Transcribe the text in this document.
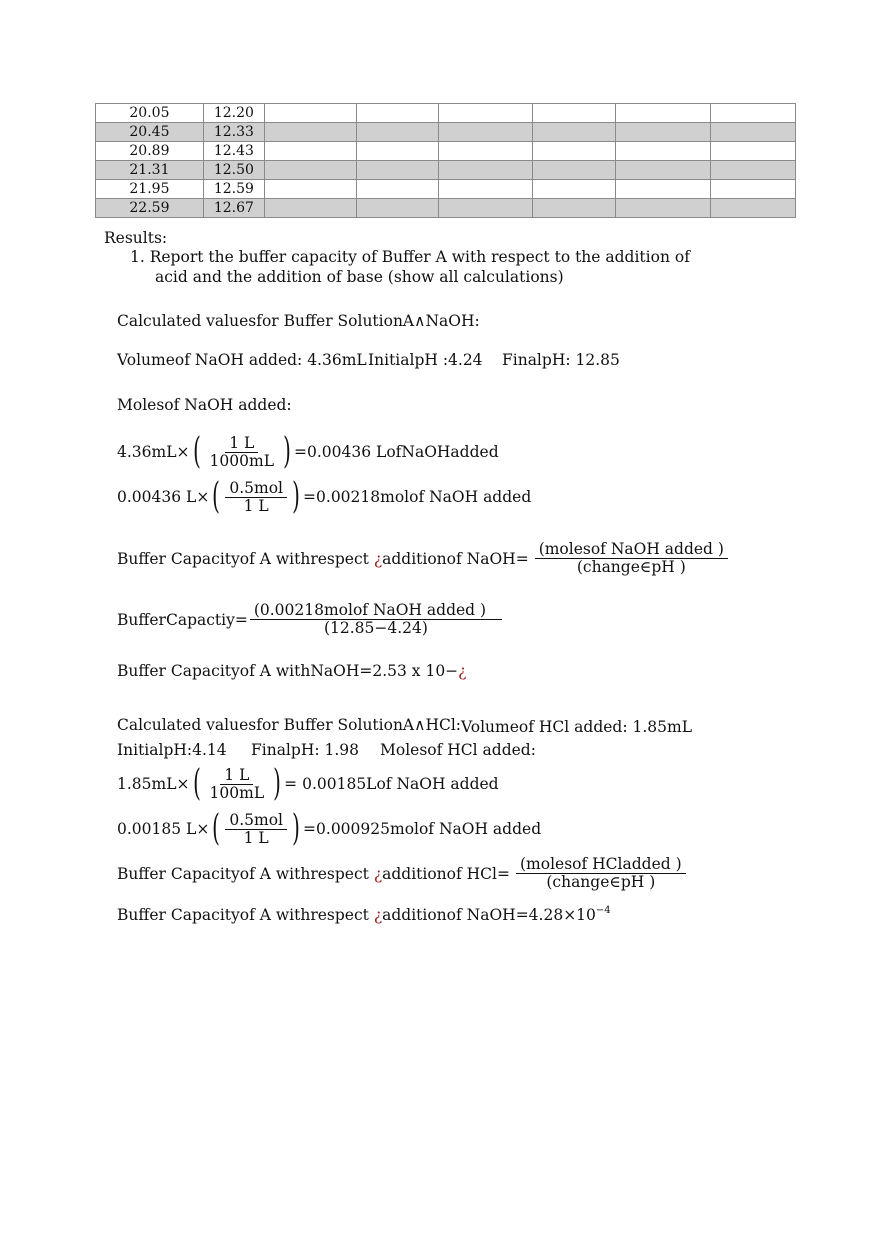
20.05	12.20						
20.45	12.33						
20.89	12.43						
21.31	12.50						
21.95	12.59						
22.59	12.67						
Results:
1. Report the buffer capacity of Buffer A with respect to the addition of
acid and the addition of base (show all calculations)
Calculated valuesfor Buffer SolutionA∧NaOH:
Volumeof NaOH added: 4.36mL InitialpH :4.24 FinalpH: 12.85
Molesof NaOH added:
4.36mL× ( $\frac{1 L}{1000mL}$ ) =0.00436 LofNaOHadded
0.00436 L× ( $\frac{\text{0.5mol}}{1 L}$ ) =0.00218molof NaOH added
Buffer Capacityof A withrespect
¿ additionof NaOH= $\frac{\text{(molesof NaOH added )}}{\text{(change∈pH )}}$
BufferCapactiy= $\frac{\text{(0.00218molof NaOH added )}}{(12.85-4.24)}$
Buffer Capacityof A withNaOH=2.53 x 10−¿
Calculated valuesfor Buffer SolutionA∧HCl: Volumeof HCl added: 1.85mL
InitialpH:4.14 FinalpH: 1.98 Molesof HCl added:
1.85mL× ( $\frac{1 L}{100mL}$ ) = 0.00185Lof NaOH added
0.00185 L× ( $\frac{\text{0.5mol}}{1 L}$ ) =0.000925molof NaOH added
Buffer Capacityof A withrespect
¿ additionof $HCl= \frac{\text{(molesof HCladded )}}{\text{(change∈pH )}}$
Buffer Capacityof A withrespect ¿additionof $NaOH=4.28\times 10^{-4}$
